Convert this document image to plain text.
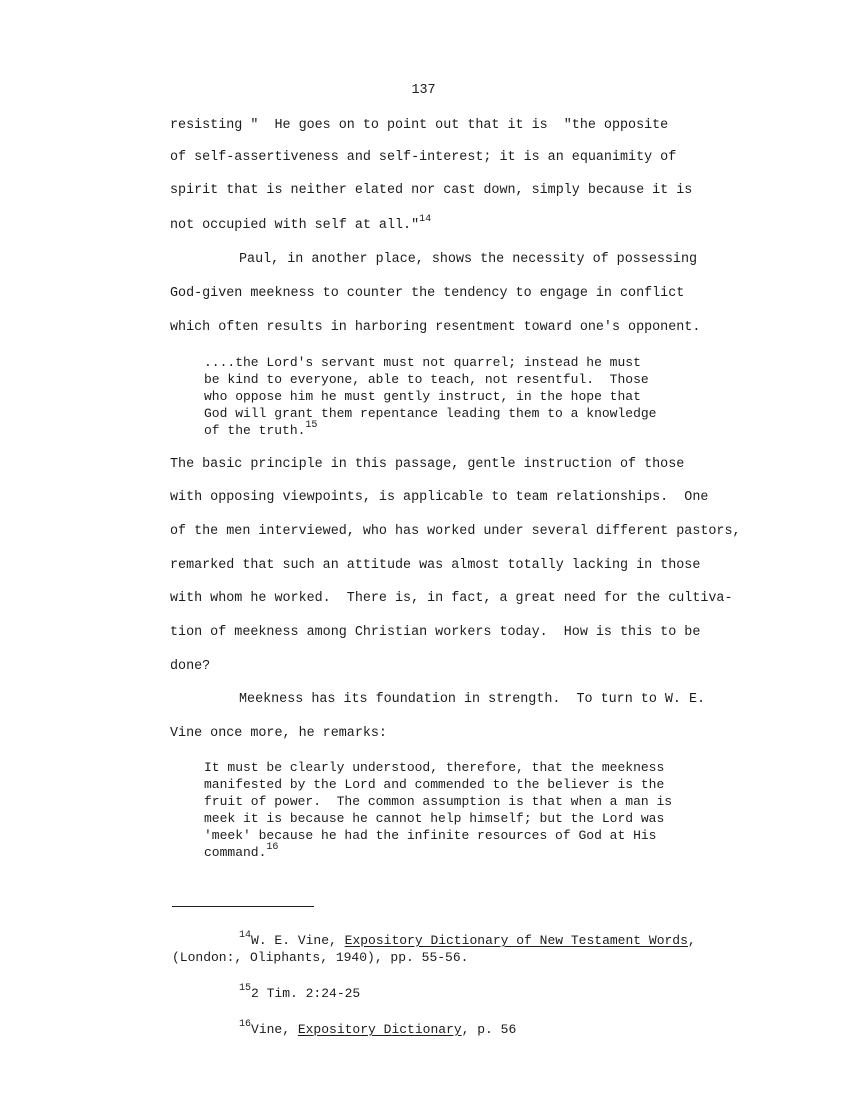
137
resisting "  He goes on to point out that it is  "the opposite
of self-assertiveness and self-interest; it is an equanimity of
spirit that is neither elated nor cast down, simply because it is
not occupied with self at all."$^{14}$
Paul, in another place, shows the necessity of possessing
God-given meekness to counter the tendency to engage in conflict
which often results in harboring resentment toward one's opponent.
....the Lord's servant must not quarrel; instead he must
be kind to everyone, able to teach, not resentful.  Those
who oppose him he must gently instruct, in the hope that
God will grant them repentance leading them to a knowledge
of the truth.$^{15}$
The basic principle in this passage, gentle instruction of those
with opposing viewpoints, is applicable to team relationships.  One
of the men interviewed, who has worked under several different pastors,
remarked that such an attitude was almost totally lacking in those
with whom he worked.  There is, in fact, a great need for the cultiva-
tion of meekness among Christian workers today.  How is this to be
done?
Meekness has its foundation in strength.  To turn to W. E.
Vine once more, he remarks:
It must be clearly understood, therefore, that the meekness
manifested by the Lord and commended to the believer is the
fruit of power.  The common assumption is that when a man is
meek it is because he cannot help himself; but the Lord was
'meek' because he had the infinite resources of God at His
command.$^{16}$
$^{14}$W. E. Vine, Expository Dictionary of New Testament Words,
(London:, Oliphants, 1940), pp. 55-56.
$^{15}$2 Tim. 2:24-25
$^{16}$Vine, Expository Dictionary, p. 56
